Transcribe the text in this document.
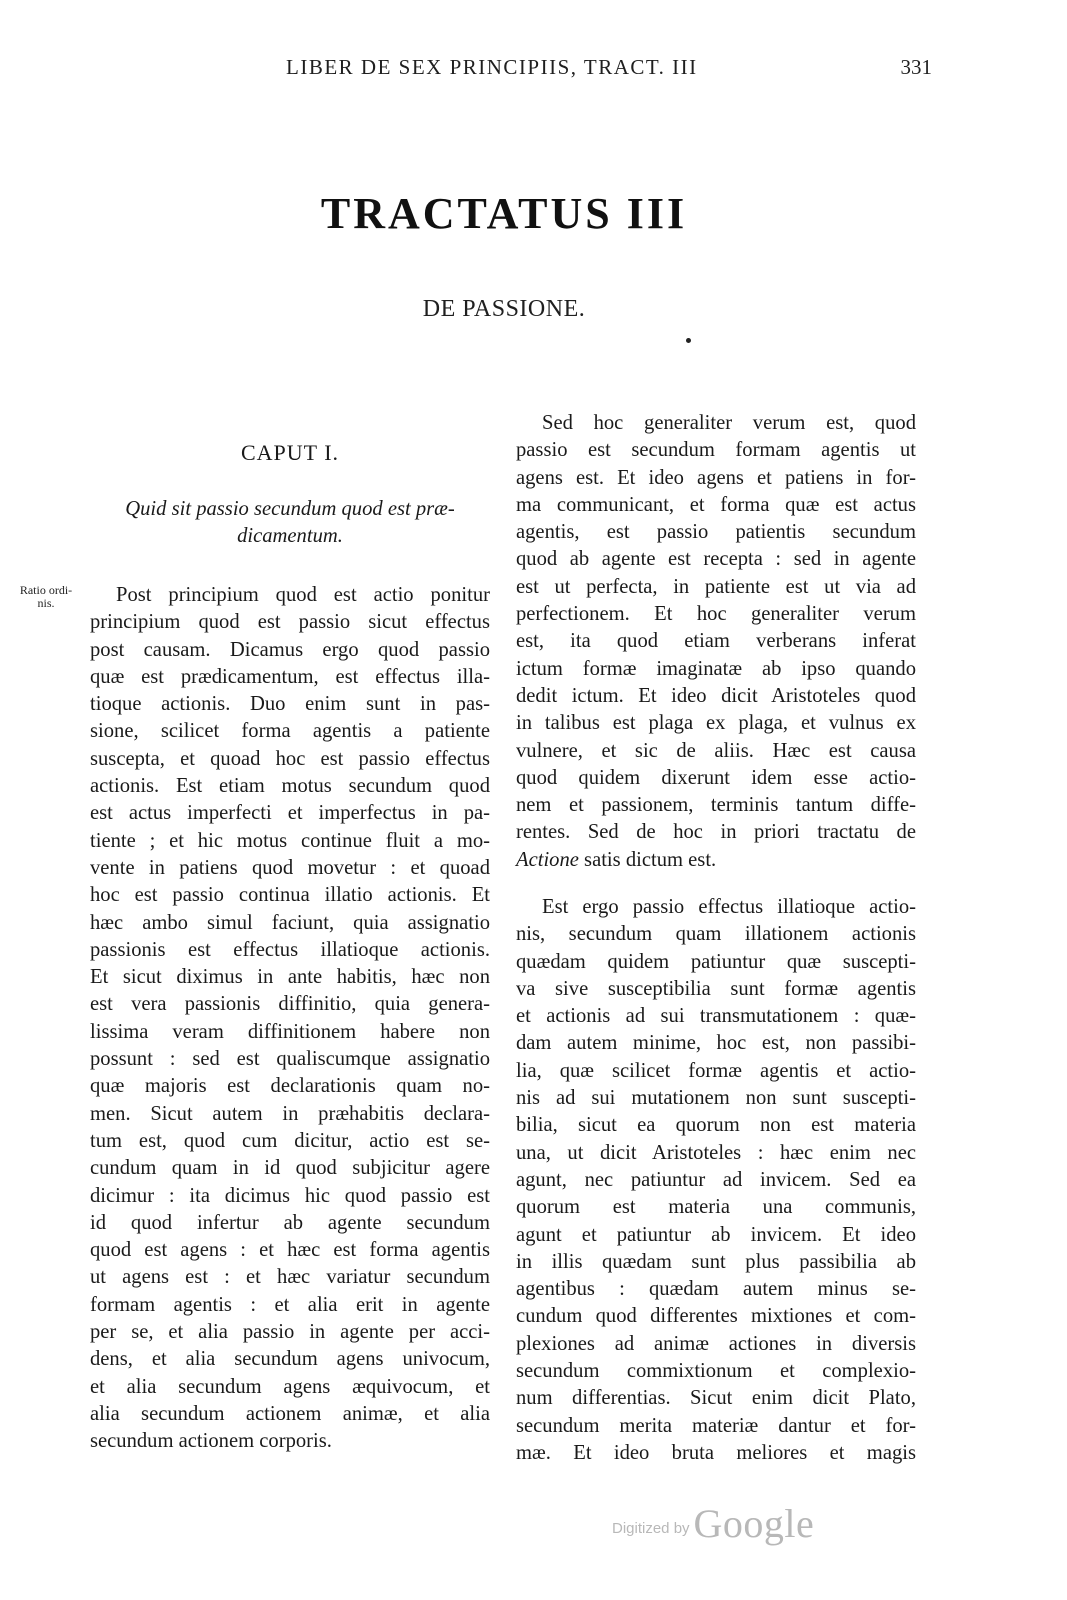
LIBER DE SEX PRINCIPIIS, TRACT. III	331
TRACTATUS III
DE PASSIONE.
CAPUT I.
Quid sit passio secundum quod est præ-
dicamentum.
Ratio ordi-
nis.	Post principium quod est actio ponitur
principium quod est passio sicut effectus
post causam. Dicamus ergo quod passio
quæ est prædicamentum, est effectus illa-
tioque actionis. Duo enim sunt in pas-
sione, scilicet forma agentis a patiente
suscepta, et quoad hoc est passio effectus
actionis. Est etiam motus secundum quod
est actus imperfecti et imperfectus in pa-
tiente ; et hic motus continue fluit a mo-
vente in patiens quod movetur : et quoad
hoc est passio continua illatio actionis. Et
hæc ambo simul faciunt, quia assignatio
passionis est effectus illatioque actionis.
Et sicut diximus in ante habitis, hæc non
est vera passionis diffinitio, quia genera-
lissima veram diffinitionem habere non
possunt : sed est qualiscumque assignatio
quæ majoris est declarationis quam no-
men. Sicut autem in præhabitis declara-
tum est, quod cum dicitur, actio est se-
cundum quam in id quod subjicitur agere
dicimur : ita dicimus hic quod passio est
id quod infertur ab agente secundum
quod est agens : et hæc est forma agentis
ut agens est : et hæc variatur secundum
formam agentis : et alia erit in agente
per se, et alia passio in agente per acci-
dens, et alia secundum agens univocum,
et alia secundum agens æquivocum, et
alia secundum actionem animæ, et alia
secundum actionem corporis.
Sed hoc generaliter verum est, quod
passio est secundum formam agentis ut
agens est. Et ideo agens et patiens in for-
ma communicant, et forma quæ est actus
agentis, est passio patientis secundum
quod ab agente est recepta : sed in agente
est ut perfecta, in patiente est ut via ad
perfectionem. Et hoc generaliter verum
est, ita quod etiam verberans inferat
ictum formæ imaginatæ ab ipso quando
dedit ictum. Et ideo dicit Aristoteles quod
in talibus est plaga ex plaga, et vulnus ex
vulnere, et sic de aliis. Hæc est causa
quod quidem dixerunt idem esse actio-
nem et passionem, terminis tantum diffe-
rentes. Sed de hoc in priori tractatu de
Actione satis dictum est.
Est ergo passio effectus illatioque actio-
nis, secundum quam illationem actionis
quædam quidem patiuntur quæ suscepti-
va sive susceptibilia sunt formæ agentis
et actionis ad sui transmutationem : quæ-
dam autem minime, hoc est, non passibi-
lia, quæ scilicet formæ agentis et actio-
nis ad sui mutationem non sunt suscepti-
bilia, sicut ea quorum non est materia
una, ut dicit Aristoteles : hæc enim nec
agunt, nec patiuntur ad invicem. Sed ea
quorum est materia una communis,
agunt et patiuntur ab invicem. Et ideo
in illis quædam sunt plus passibilia ab
agentibus : quædam autem minus se-
cundum quod differentes mixtiones et com-
plexiones ad animæ actiones in diversis
secundum commixtionum et complexio-
num differentias. Sicut enim dicit Plato,
secundum merita materiæ dantur et for-
mæ. Et ideo bruta meliores et magis
Digitized by Google
